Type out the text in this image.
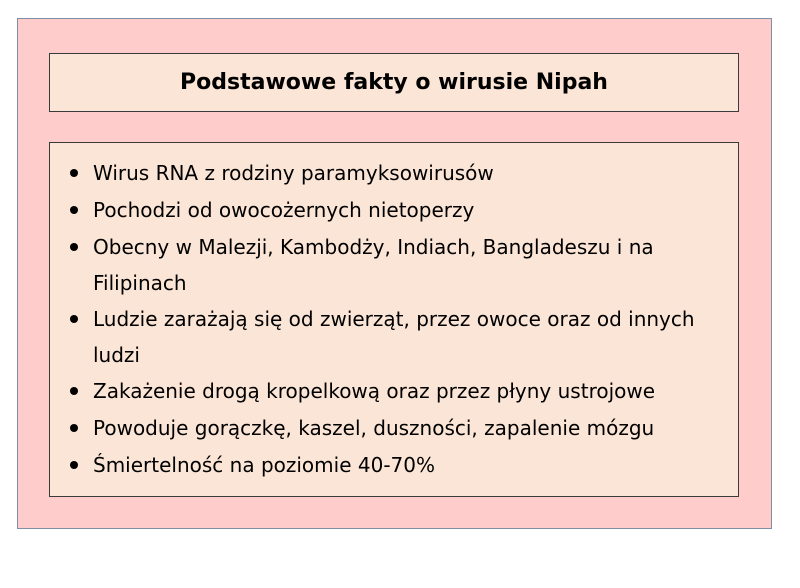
Podstawowe fakty o wirusie Nipah
Wirus RNA z rodziny paramyksowirusów
Pochodzi od owocożernych nietoperzy
Obecny w Malezji, Kambodży, Indiach, Bangladeszu i na Filipinach
Ludzie zarażają się od zwierząt, przez owoce oraz od innych ludzi
Zakażenie drogą kropelkową oraz przez płyny ustrojowe
Powoduje gorączkę, kaszel, duszności, zapalenie mózgu
Śmiertelność na poziomie 40-70%
